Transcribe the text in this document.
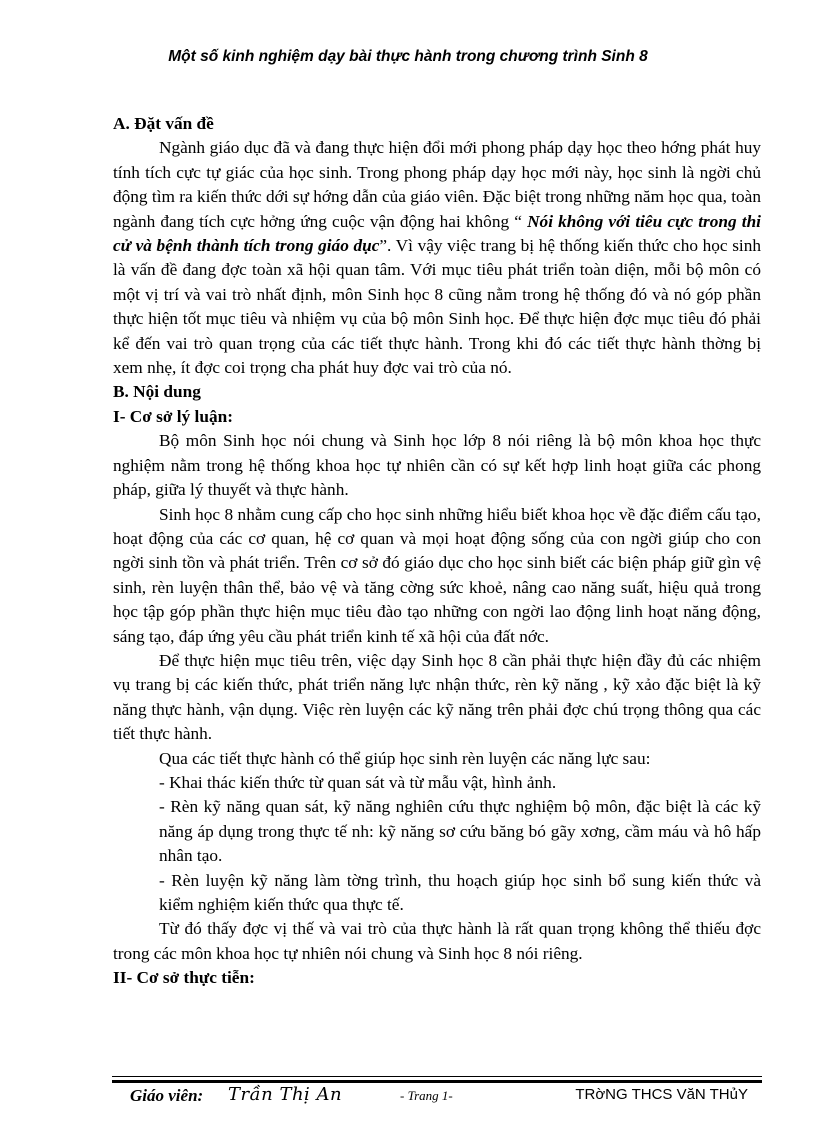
Một số kinh nghiệm dạy bài thực hành trong chương trình Sinh 8

A. Đặt vấn đề

Ngành giáo dục đã và đang thực hiện đổi mới phong pháp dạy học theo hớng phát huy tính tích cực tự giác của học sinh. Trong phong pháp dạy học mới này, học sinh là ngời chủ động tìm ra kiến thức dới sự hớng dẫn của giáo viên. Đặc biệt trong những năm học qua, toàn ngành đang tích cực hởng ứng cuộc vận động hai không “ Nói không với tiêu cực trong thi cử và bệnh thành tích trong giáo dục”. Vì vậy việc trang bị hệ thống kiến thức cho học sinh là vấn đề đang đợc toàn xã hội quan tâm. Với mục tiêu phát triển toàn diện, mỗi bộ môn có một vị trí và vai trò nhất định, môn Sinh học 8 cũng nằm trong hệ thống đó và nó góp phần thực hiện tốt mục tiêu và nhiệm vụ của bộ môn Sinh học. Để thực hiện đợc mục tiêu đó phải kể đến vai trò quan trọng của các tiết thực hành. Trong khi đó các tiết thực hành thờng bị xem nhẹ, ít đợc coi trọng cha phát huy đợc vai trò của nó.

B. Nội dung

I- Cơ sở lý luận:

Bộ môn Sinh học nói chung và Sinh học lớp 8 nói riêng là bộ môn khoa học thực nghiệm nằm trong hệ thống khoa học tự nhiên cần có sự kết hợp linh hoạt giữa các phong pháp, giữa lý thuyết và thực hành.

Sinh học 8 nhằm cung cấp cho học sinh những hiểu biết khoa học về đặc điểm cấu tạo, hoạt động của các cơ quan, hệ cơ quan và mọi hoạt động sống của con ngời giúp cho con ngời sinh tồn và phát triển. Trên cơ sở đó giáo dục cho học sinh biết các biện pháp giữ gìn vệ sinh, rèn luyện thân thể, bảo vệ và tăng cờng sức khoẻ, nâng cao năng suất, hiệu quả trong học tập góp phần thực hiện mục tiêu đào tạo những con ngời lao động linh hoạt năng động, sáng tạo, đáp ứng yêu cầu phát triển kinh tế xã hội của đất nớc.

Để thực hiện mục tiêu trên, việc dạy Sinh học 8 cần phải thực hiện đầy đủ các nhiệm vụ trang bị các kiến thức, phát triển năng lực nhận thức, rèn kỹ năng , kỹ xảo đặc biệt là kỹ năng thực hành, vận dụng. Việc rèn luyện các kỹ năng trên phải đợc chú trọng thông qua các tiết thực hành.

Qua các tiết thực hành có thể giúp học sinh rèn luyện các năng lực sau:

- Khai thác kiến thức từ quan sát và từ mẫu vật, hình ảnh.

- Rèn kỹ năng quan sát, kỹ năng nghiên cứu thực nghiệm bộ môn, đặc biệt là các kỹ năng áp dụng trong thực tế nh: kỹ năng sơ cứu băng bó gãy xơng, cầm máu và hô hấp nhân tạo.

- Rèn luyện kỹ năng làm tờng trình, thu hoạch giúp học sinh bổ sung kiến thức và kiểm nghiệm kiến thức qua thực tế.

Từ đó thấy đợc vị thế và vai trò của thực hành là rất quan trọng không thể thiếu đợc trong các môn khoa học tự nhiên nói chung và Sinh học 8 nói riêng.

II- Cơ sở thực tiễn:

Giáo viên: Trần Thị An	- Trang 1-	TRờNG THCS VăN THủY
